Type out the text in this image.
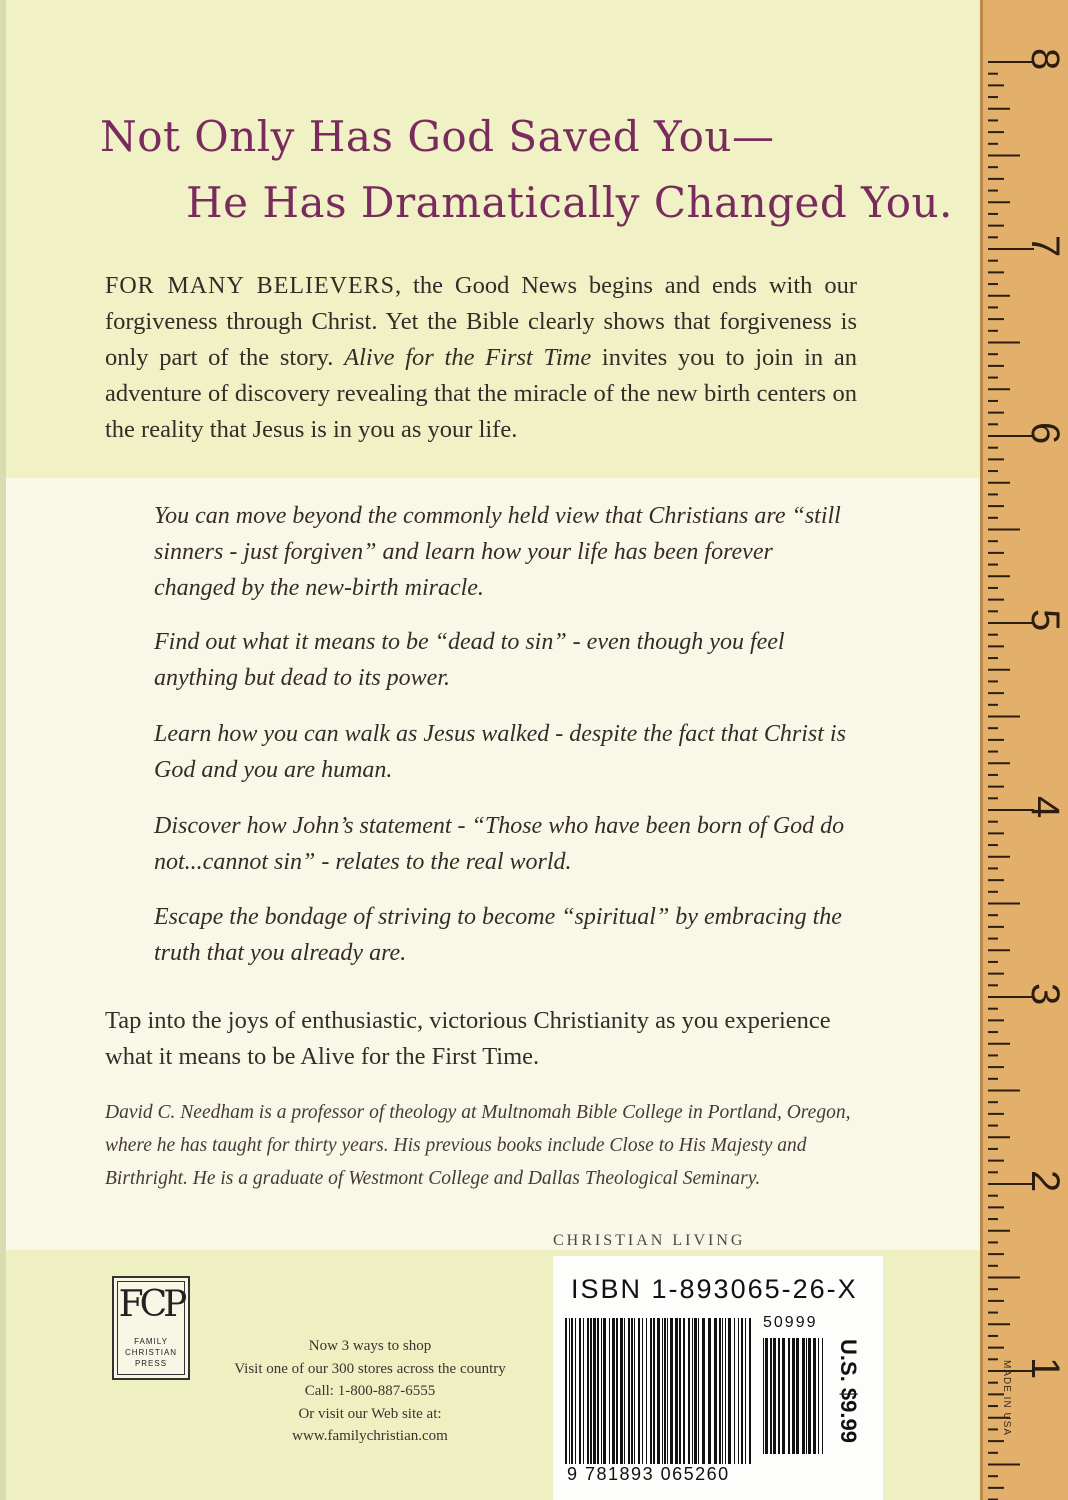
Not Only Has God Saved You—
He Has Dramatically Changed You.
FOR MANY BELIEVERS, the Good News begins and ends with our forgiveness through Christ. Yet the Bible clearly shows that forgiveness is only part of the story. Alive for the First Time invites you to join in an adventure of discovery revealing that the miracle of the new birth centers on the reality that Jesus is in you as your life.
You can move beyond the commonly held view that Christians are “still sinners - just forgiven” and learn how your life has been forever changed by the new-birth miracle.
Find out what it means to be “dead to sin” - even though you feel anything but dead to its power.
Learn how you can walk as Jesus walked - despite the fact that Christ is God and you are human.
Discover how John’s statement - “Those who have been born of God do not...cannot sin” - relates to the real world.
Escape the bondage of striving to become “spiritual” by embracing the truth that you already are.
Tap into the joys of enthusiastic, victorious Christianity as you experience what it means to be Alive for the First Time.
David C. Needham is a professor of theology at Multnomah Bible College in Portland, Oregon, where he has taught for thirty years. His previous books include Close to His Majesty and Birthright. He is a graduate of Westmont College and Dallas Theological Seminary.
CHRISTIAN LIVING
FCP
FAMILY
CHRISTIAN
PRESS
Now 3 ways to shop
Visit one of our 300 stores across the country
Call: 1-800-887-6555
Or visit our Web site at:
www.familychristian.com
ISBN 1-893065-26-X
50999
9 781893 065260
U.S. $9.99
8
7
6
5
4
3
2
1
MADE IN USA
